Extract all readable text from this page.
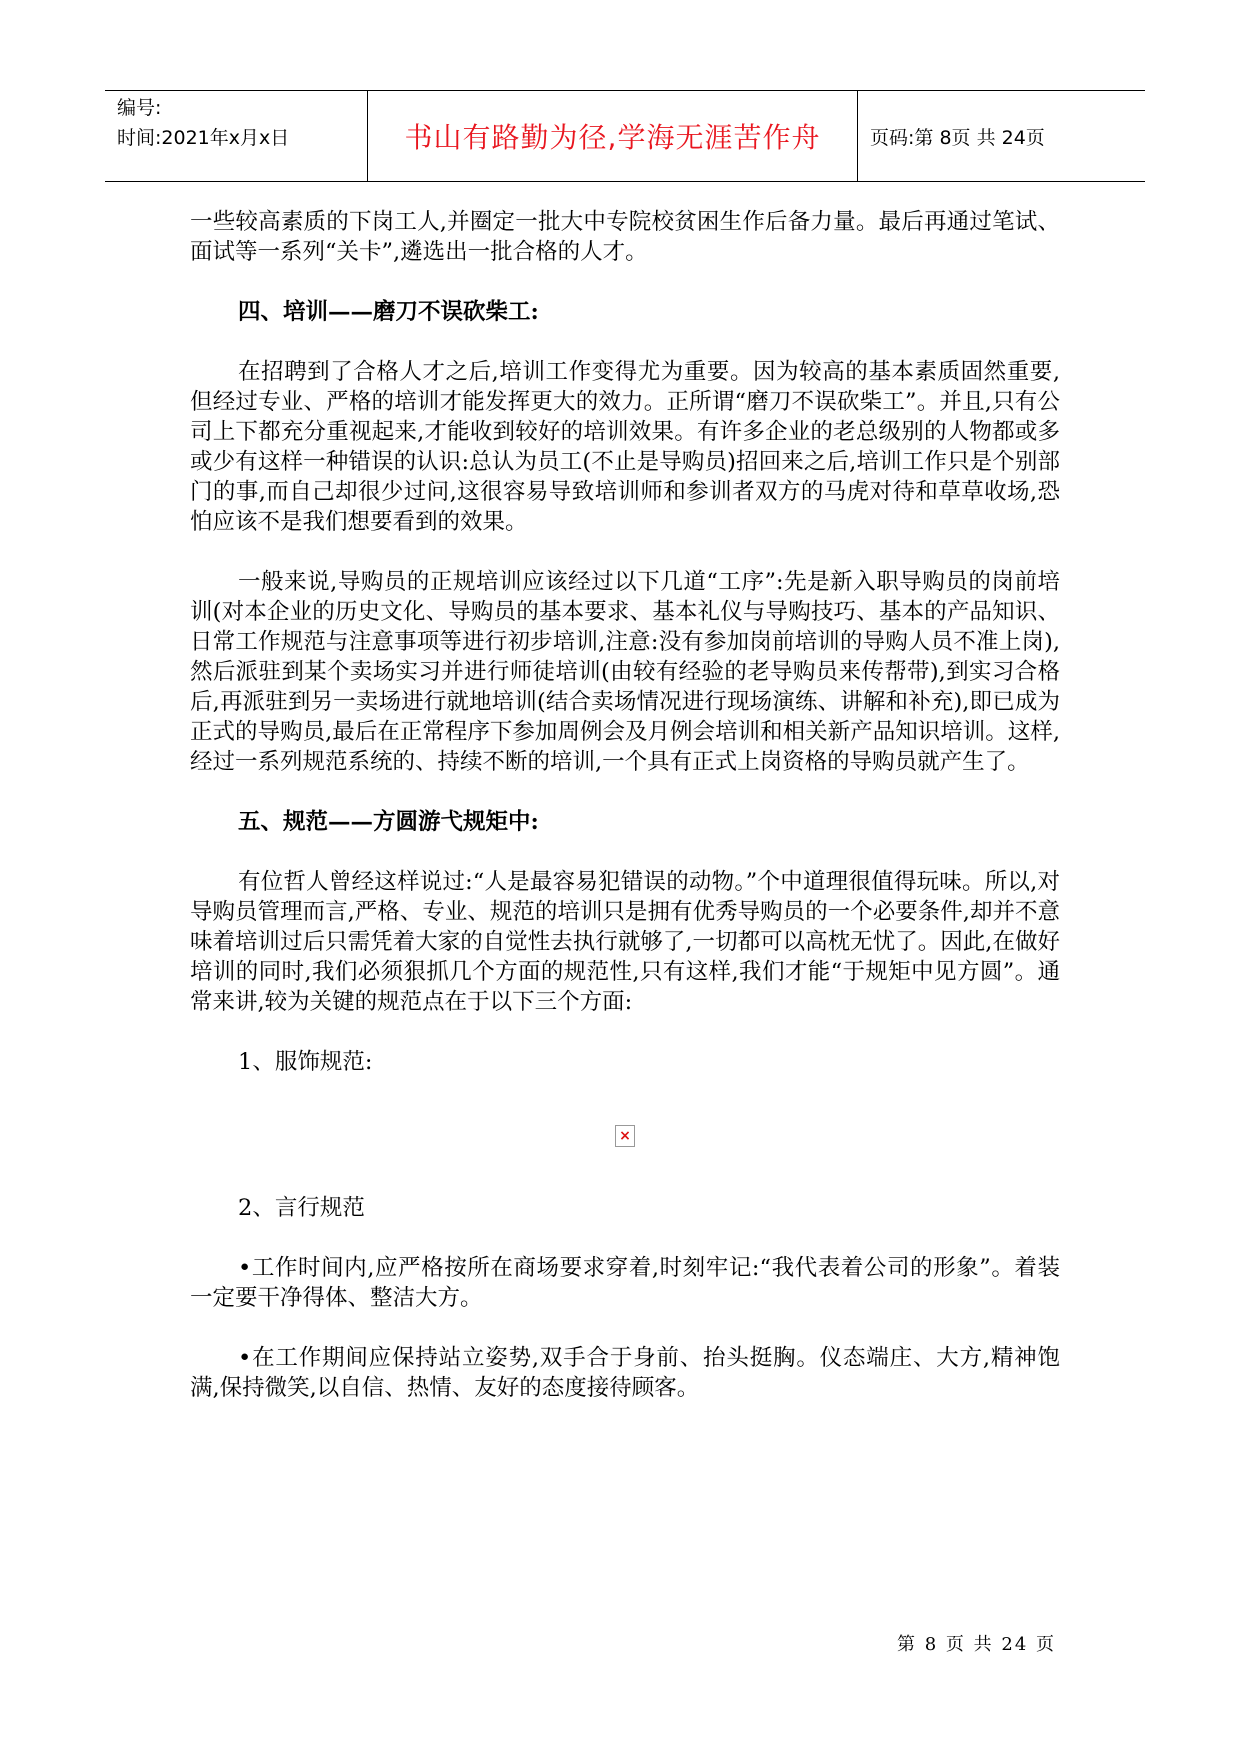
编号:
时间:2021年x月x日	书山有路勤为径,学海无涯苦作舟	页码:第 8页 共 24页

一些较高素质的下岗工人,并圈定一批大中专院校贫困生作后备力量。最后再通过笔试、面试等一系列“关卡”,遴选出一批合格的人才。

四、培训——磨刀不误砍柴工:

在招聘到了合格人才之后,培训工作变得尤为重要。因为较高的基本素质固然重要,但经过专业、严格的培训才能发挥更大的效力。正所谓“磨刀不误砍柴工”。并且,只有公司上下都充分重视起来,才能收到较好的培训效果。有许多企业的老总级别的人物都或多或少有这样一种错误的认识:总认为员工(不止是导购员)招回来之后,培训工作只是个别部门的事,而自己却很少过问,这很容易导致培训师和参训者双方的马虎对待和草草收场,恐怕应该不是我们想要看到的效果。

一般来说,导购员的正规培训应该经过以下几道“工序”:先是新入职导购员的岗前培训(对本企业的历史文化、导购员的基本要求、基本礼仪与导购技巧、基本的产品知识、日常工作规范与注意事项等进行初步培训,注意:没有参加岗前培训的导购人员不准上岗),然后派驻到某个卖场实习并进行师徒培训(由较有经验的老导购员来传帮带),到实习合格后,再派驻到另一卖场进行就地培训(结合卖场情况进行现场演练、讲解和补充),即已成为正式的导购员,最后在正常程序下参加周例会及月例会培训和相关新产品知识培训。这样,经过一系列规范系统的、持续不断的培训,一个具有正式上岗资格的导购员就产生了。

五、规范——方圆游弋规矩中:

有位哲人曾经这样说过:“人是最容易犯错误的动物。”个中道理很值得玩味。所以,对导购员管理而言,严格、专业、规范的培训只是拥有优秀导购员的一个必要条件,却并不意味着培训过后只需凭着大家的自觉性去执行就够了,一切都可以高枕无忧了。因此,在做好培训的同时,我们必须狠抓几个方面的规范性,只有这样,我们才能“于规矩中见方圆”。通常来讲,较为关键的规范点在于以下三个方面:

1、服饰规范:

×

2、言行规范

•工作时间内,应严格按所在商场要求穿着,时刻牢记:“我代表着公司的形象”。着装一定要干净得体、整洁大方。

•在工作期间应保持站立姿势,双手合于身前、抬头挺胸。仪态端庄、大方,精神饱满,保持微笑,以自信、热情、友好的态度接待顾客。

第 8 页 共 24 页
